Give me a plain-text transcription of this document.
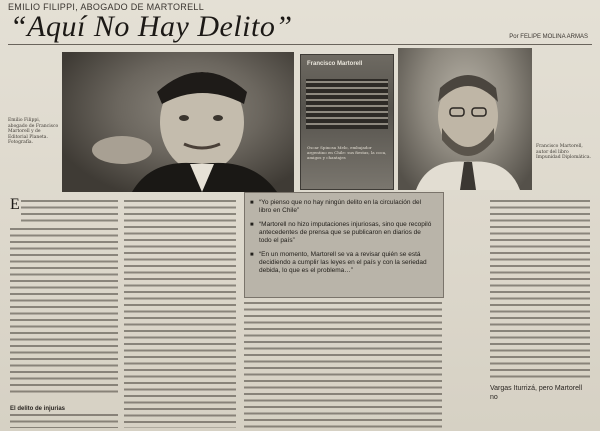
EMILIO FILIPPI, ABOGADO DE MARTORELL
“Aquí No Hay Delito”	Por FELIPE MOLINA ARMAS
Emilio Filippi, abogado de Francisco Martorell y de Editorial Planeta. Fotografía.
Francisco Martorell
Oscar Spinosa Melo, embajador argentino en Chile: sus fiestas, la coca, amigos y chantajes
Francisco Martorell, autor del libro Impunidad Diplomática.
E
El delito de injurias
■ “Yo pienso que no hay ningún delito en la circulación del libro en Chile”
■ “Martorell no hizo imputaciones injuriosas, sino que recopiló antecedentes de prensa que se publicaron en diarios de todo el país”
■ “En un momento, Martorell se va a revisar quién se está decidiendo a cumplir las leyes en el país y con la seriedad debida, lo que es el problema…”
Vargas Iturrizá, pero Martorell no
